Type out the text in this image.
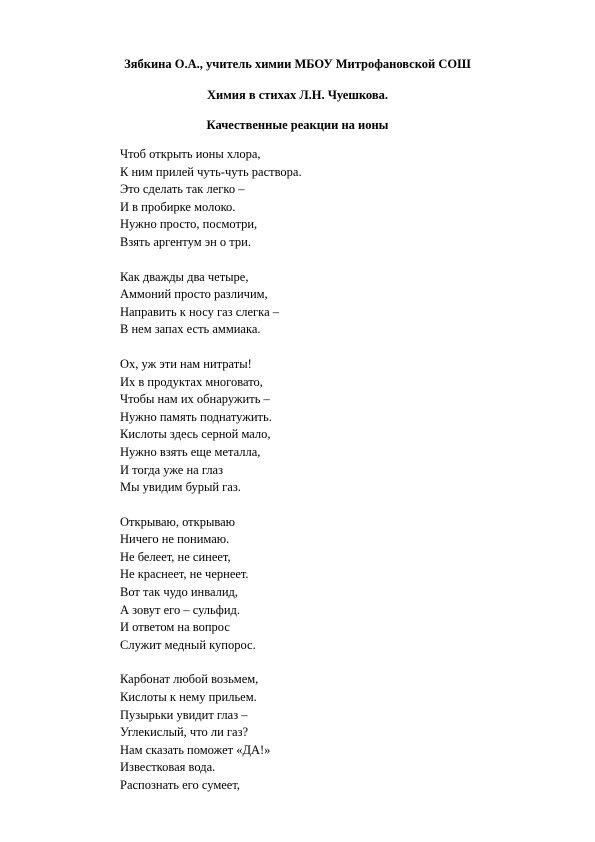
Зябкина О.А., учитель химии МБОУ Митрофановской СОШ
Химия в стихах Л.Н. Чуешкова.
Качественные реакции на ионы
Чтоб открыть ионы хлора,
К ним прилей чуть-чуть раствора.
Это сделать так легко –
И в пробирке молоко.
Нужно просто, посмотри,
Взять аргентум эн о три.
Как дважды два четыре,
Аммоний просто различим,
Направить к носу газ слегка –
В нем запах есть аммиака.
Ох, уж эти нам нитраты!
Их в продуктах многовато,
Чтобы нам их обнаружить –
Нужно память поднатужить.
Кислоты здесь серной мало,
Нужно взять еще металла,
И тогда уже на глаз
Мы увидим бурый газ.
Открываю, открываю
Ничего не понимаю.
Не белеет, не синеет,
Не краснеет, не чернеет.
Вот так чудо инвалид,
А зовут его – сульфид.
И ответом на вопрос
Служит медный купорос.
Карбонат любой возьмем,
Кислоты к нему прильем.
Пузырьки увидит глаз –
Углекислый, что ли газ?
Нам сказать поможет «ДА!»
Известковая вода.
Распознать его сумеет,
